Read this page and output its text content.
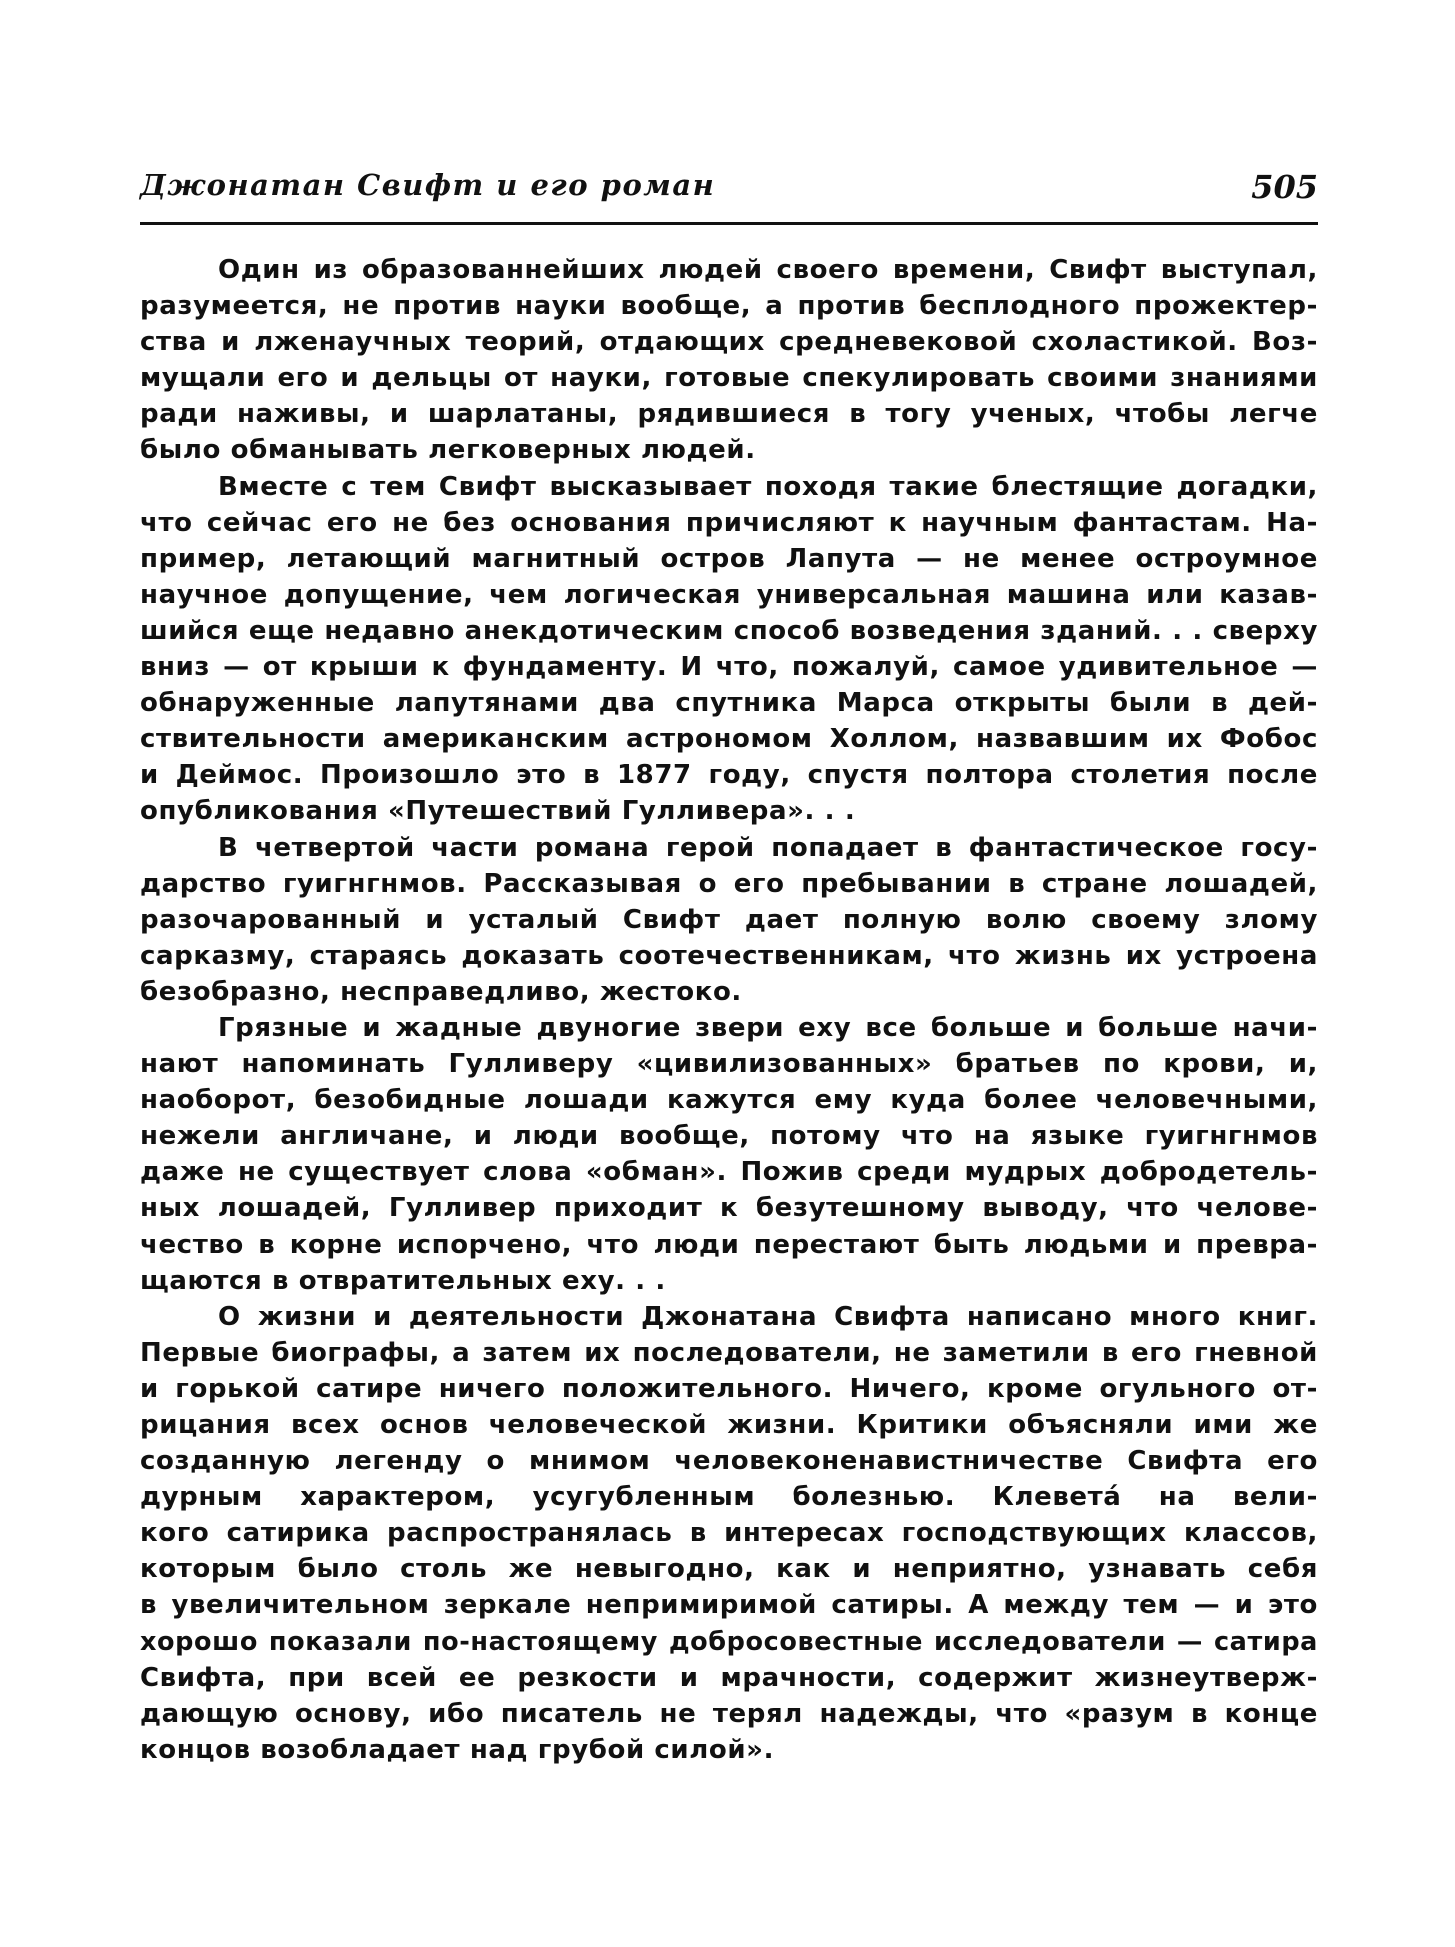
Джонатан Свифт и его роман	505
Один из образованнейших людей своего времени, Свифт выступал,
разумеется, не против науки вообще, а против бесплодного прожектер-
ства и лженаучных теорий, отдающих средневековой схоластикой. Воз-
мущали его и дельцы от науки, готовые спекулировать своими знаниями
ради наживы, и шарлатаны, рядившиеся в тогу ученых, чтобы легче
было обманывать легковерных людей.
Вместе с тем Свифт высказывает походя такие блестящие догадки,
что сейчас его не без основания причисляют к научным фантастам. На-
пример, летающий магнитный остров Лапута — не менее остроумное
научное допущение, чем логическая универсальная машина или казав-
шийся еще недавно анекдотическим способ возведения зданий. . . сверху
вниз — от крыши к фундаменту. И что, пожалуй, самое удивительное —
обнаруженные лапутянами два спутника Марса открыты были в дей-
ствительности американским астрономом Холлом, назвавшим их Фобос
и Деймос. Произошло это в 1877 году, спустя полтора столетия после
опубликования «Путешествий Гулливера». . .
В четвертой части романа герой попадает в фантастическое госу-
дарство гуигнгнмов. Рассказывая о его пребывании в стране лошадей,
разочарованный и усталый Свифт дает полную волю своему злому
сарказму, стараясь доказать соотечественникам, что жизнь их устроена
безобразно, несправедливо, жестоко.
Грязные и жадные двуногие звери еху все больше и больше начи-
нают напоминать Гулливеру «цивилизованных» братьев по крови, и,
наоборот, безобидные лошади кажутся ему куда более человечными,
нежели англичане, и люди вообще, потому что на языке гуигнгнмов
даже не существует слова «обман». Пожив среди мудрых добродетель-
ных лошадей, Гулливер приходит к безутешному выводу, что челове-
чество в корне испорчено, что люди перестают быть людьми и превра-
щаются в отвратительных еху. . .
О жизни и деятельности Джонатана Свифта написано много книг.
Первые биографы, а затем их последователи, не заметили в его гневной
и горькой сатире ничего положительного. Ничего, кроме огульного от-
рицания всех основ человеческой жизни. Критики объясняли ими же
созданную легенду о мнимом человеконенавистничестве Свифта его
дурным характером, усугубленным болезнью. Клевета́ на вели-
кого сатирика распространялась в интересах господствующих классов,
которым было столь же невыгодно, как и неприятно, узнавать себя
в увеличительном зеркале непримиримой сатиры. А между тем — и это
хорошо показали по-настоящему добросовестные исследователи — сатира
Свифта, при всей ее резкости и мрачности, содержит жизнеутверж-
дающую основу, ибо писатель не терял надежды, что «разум в конце
концов возобладает над грубой силой».
